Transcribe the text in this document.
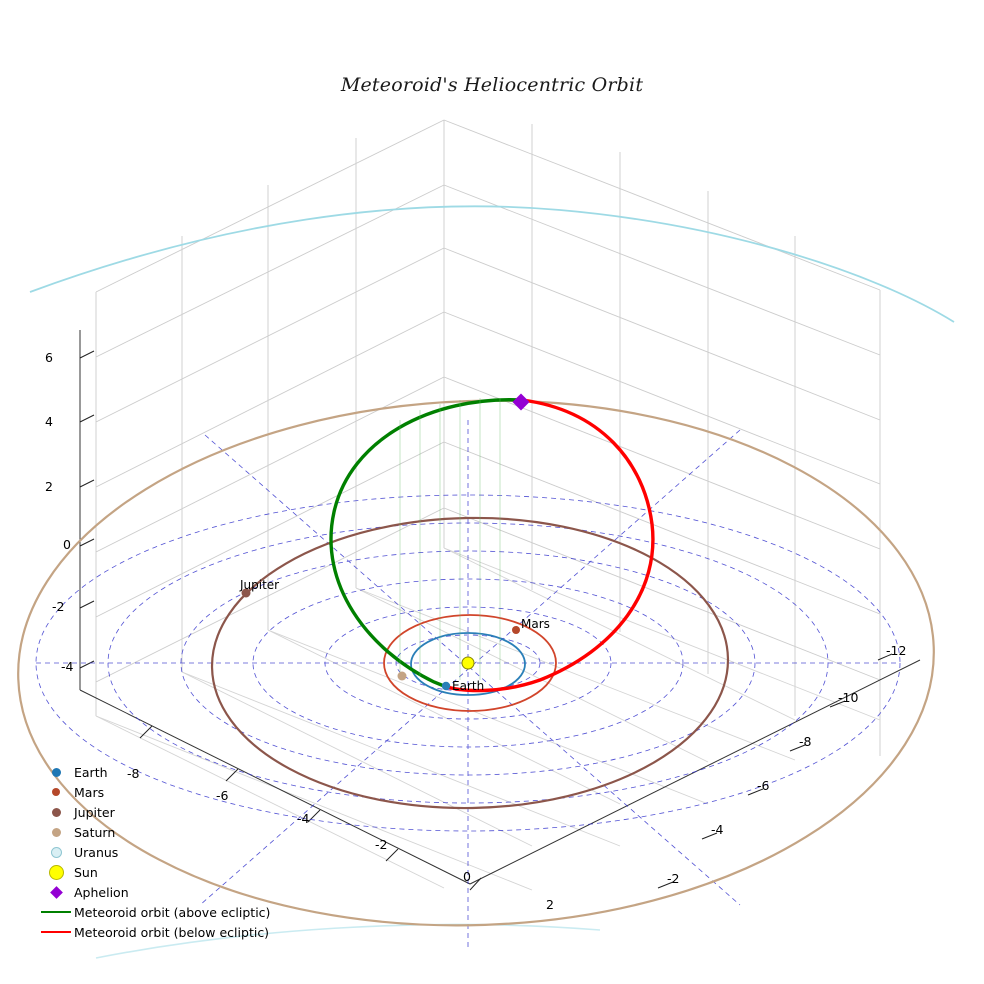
Meteoroid's Heliocentric Orbit
6
4
2
0
-2
-4
-8
-6
-4
-2
0
2
-12
-10
-8
-6
-4
-2
Jupiter
Mars
Earth
Earth
Mars
Jupiter
Saturn
Uranus
Sun
Aphelion
Meteoroid orbit (above ecliptic)
Meteoroid orbit (below ecliptic)
